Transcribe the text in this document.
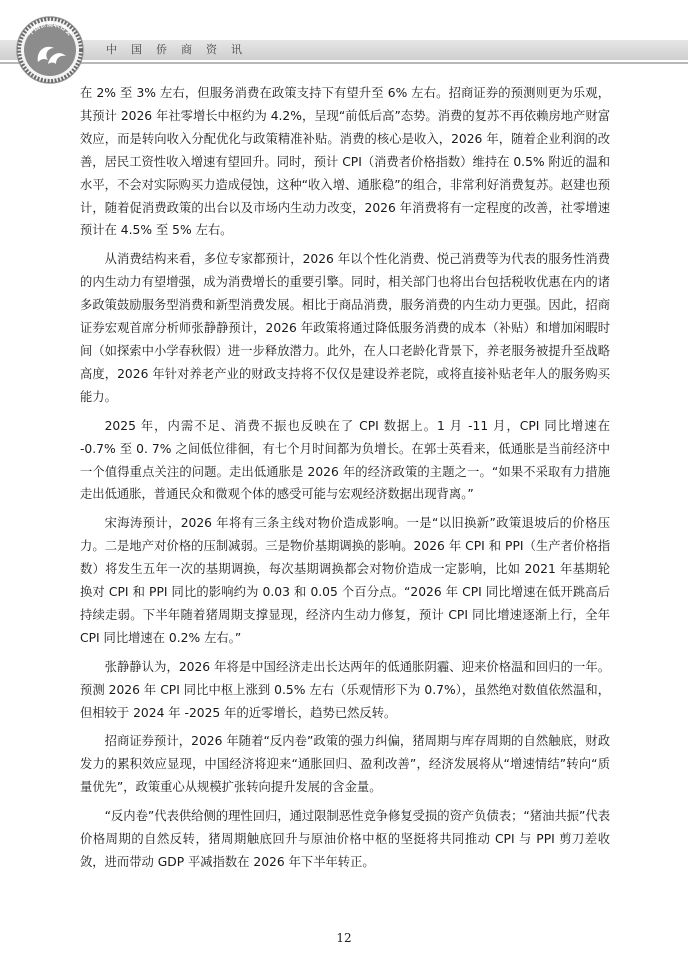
中国侨商资讯
中国侨商联合会

在 2% 至 3% 左右，但服务消费在政策支持下有望升至 6% 左右。招商证券的预测则更为乐观，其预计 2026 年社零增长中枢约为 4.2%，呈现“前低后高”态势。消费的复苏不再依赖房地产财富效应，而是转向收入分配优化与政策精准补贴。消费的核心是收入，2026 年，随着企业利润的改善，居民工资性收入增速有望回升。同时，预计 CPI（消费者价格指数）维持在 0.5% 附近的温和水平，不会对实际购买力造成侵蚀，这种“收入增、通胀稳”的组合，非常利好消费复苏。赵建也预计，随着促消费政策的出台以及市场内生动力改变，2026 年消费将有一定程度的改善，社零增速预计在 4.5% 至 5% 左右。

从消费结构来看，多位专家都预计，2026 年以个性化消费、悦己消费等为代表的服务性消费的内生动力有望增强，成为消费增长的重要引擎。同时，相关部门也将出台包括税收优惠在内的诸多政策鼓励服务型消费和新型消费发展。相比于商品消费，服务消费的内生动力更强。因此，招商证券宏观首席分析师张静静预计，2026 年政策将通过降低服务消费的成本（补贴）和增加闲暇时间（如探索中小学春秋假）进一步释放潜力。此外，在人口老龄化背景下，养老服务被提升至战略高度，2026 年针对养老产业的财政支持将不仅仅是建设养老院，或将直接补贴老年人的服务购买能力。

2025 年，内需不足、消费不振也反映在了 CPI 数据上。1 月 -11 月，CPI 同比增速在 -0.7% 至 0. 7% 之间低位徘徊，有七个月时间都为负增长。在郭士英看来，低通胀是当前经济中一个值得重点关注的问题。走出低通胀是 2026 年的经济政策的主题之一。“如果不采取有力措施走出低通胀，普通民众和微观个体的感受可能与宏观经济数据出现背离。”

宋海涛预计，2026 年将有三条主线对物价造成影响。一是“以旧换新”政策退坡后的价格压力。二是地产对价格的压制减弱。三是物价基期调换的影响。2026 年 CPI 和 PPI（生产者价格指数）将发生五年一次的基期调换，每次基期调换都会对物价造成一定影响，比如 2021 年基期轮换对 CPI 和 PPI 同比的影响约为 0.03 和 0.05 个百分点。“2026 年 CPI 同比增速在低开跳高后持续走弱。下半年随着猪周期支撑显现，经济内生动力修复，预计 CPI 同比增速逐渐上行，全年 CPI 同比增速在 0.2% 左右。”

张静静认为，2026 年将是中国经济走出长达两年的低通胀阴霾、迎来价格温和回归的一年。预测 2026 年 CPI 同比中枢上涨到 0.5% 左右（乐观情形下为 0.7%），虽然绝对数值依然温和，但相较于 2024 年 -2025 年的近零增长，趋势已然反转。

招商证券预计，2026 年随着“反内卷”政策的强力纠偏，猪周期与库存周期的自然触底，财政发力的累积效应显现，中国经济将迎来“通胀回归、盈利改善”，经济发展将从“增速情结”转向“质量优先”，政策重心从规模扩张转向提升发展的含金量。

“反内卷”代表供给侧的理性回归，通过限制恶性竞争修复受损的资产负债表；“猪油共振”代表价格周期的自然反转，猪周期触底回升与原油价格中枢的坚挺将共同推动 CPI 与 PPI 剪刀差收敛，进而带动 GDP 平减指数在 2026 年下半年转正。

12
